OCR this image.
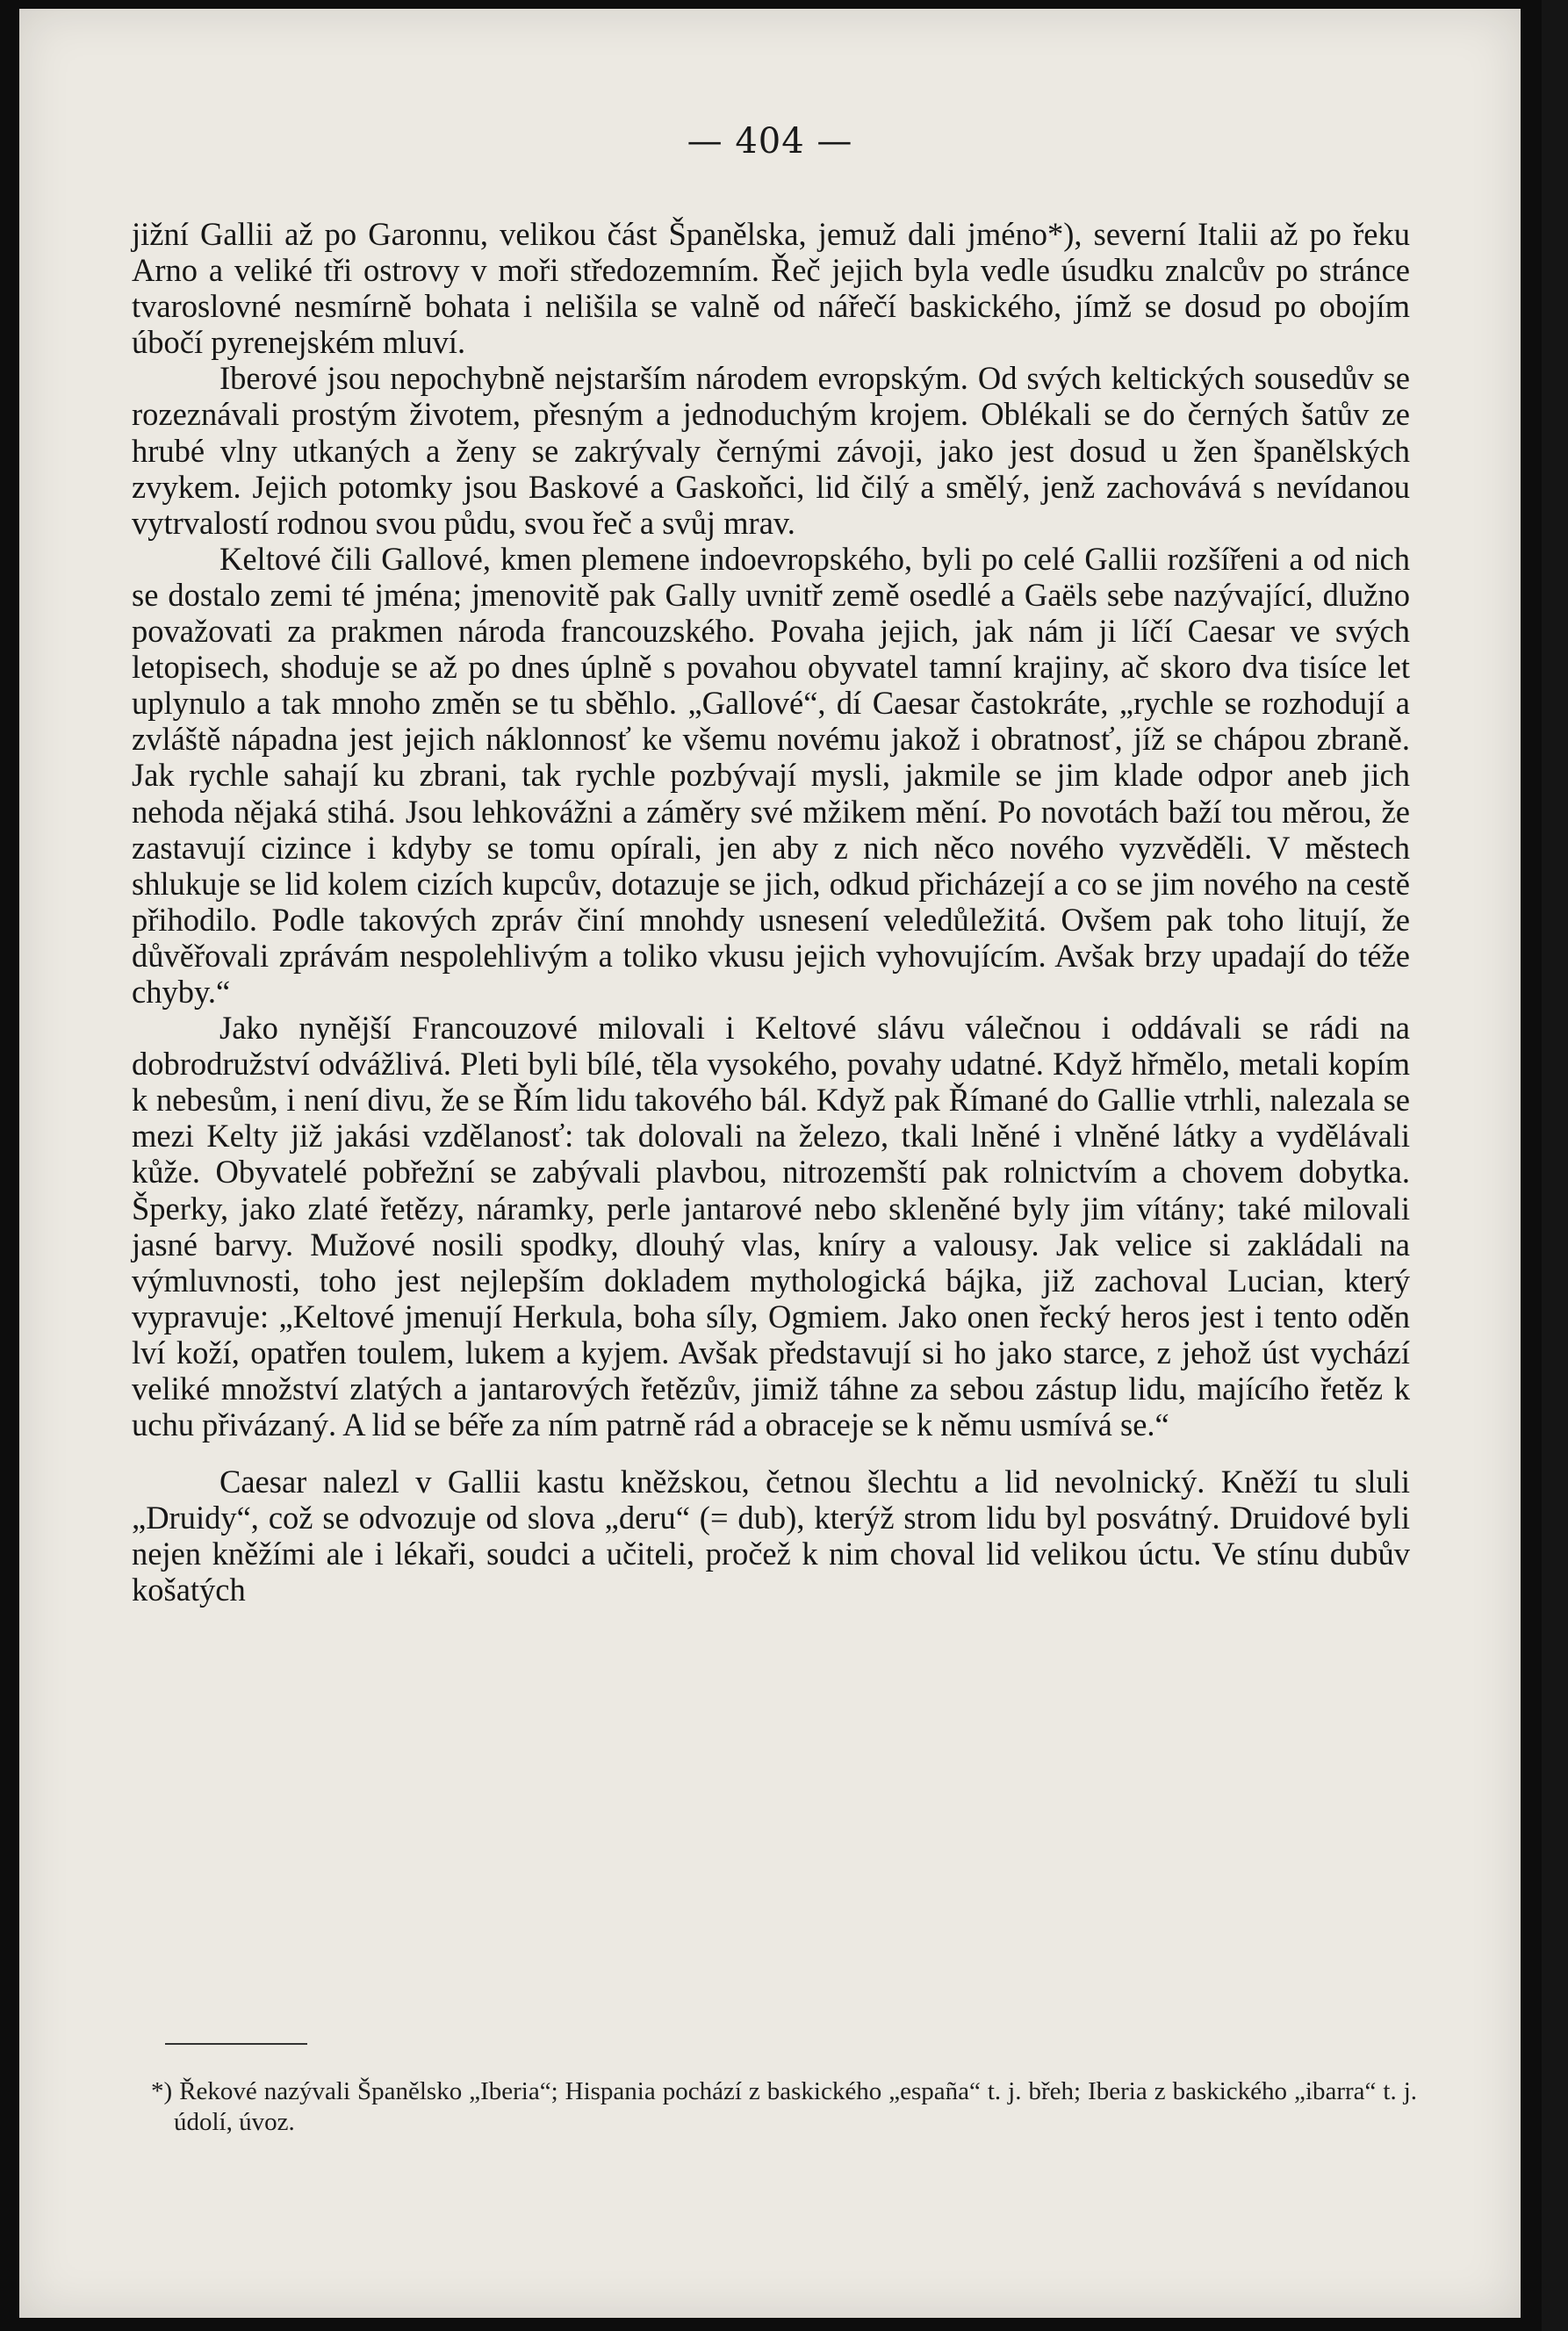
— 404 —

jižní Gallii až po Garonnu, velikou část Španělska, jemuž dali jméno*), severní Italii až po řeku Arno a veliké tři ostrovy v moři středozemním. Řeč jejich byla vedle úsudku znalcův po stránce tvaroslovné nesmírně bohata i nelišila se valně od nářečí baskického, jímž se dosud po obojím úbočí pyrenejském mluví.

Iberové jsou nepochybně nejstarším národem evropským. Od svých keltických sousedův se rozeznávali prostým životem, přesným a jednoduchým krojem. Oblékali se do černých šatův ze hrubé vlny utkaných a ženy se zakrývaly černými závoji, jako jest dosud u žen španělských zvykem. Jejich potomky jsou Baskové a Gaskoňci, lid čilý a smělý, jenž zachovává s nevídanou vytrvalostí rodnou svou půdu, svou řeč a svůj mrav.

Keltové čili Gallové, kmen plemene indoevropského, byli po celé Gallii rozšířeni a od nich se dostalo zemi té jména; jmenovitě pak Gally uvnitř země osedlé a Gaëls sebe nazývající, dlužno považovati za prakmen národa francouzského. Povaha jejich, jak nám ji líčí Caesar ve svých letopisech, shoduje se až po dnes úplně s povahou obyvatel tamní krajiny, ač skoro dva tisíce let uplynulo a tak mnoho změn se tu sběhlo. „Gallové“, dí Caesar častokráte, „rychle se rozhodují a zvláště nápadna jest jejich náklonnosť ke všemu novému jakož i obratnosť, jíž se chápou zbraně. Jak rychle sahají ku zbrani, tak rychle pozbývají mysli, jakmile se jim klade odpor aneb jich nehoda nějaká stihá. Jsou lehkovážni a záměry své mžikem mění. Po novotách baží tou měrou, že zastavují cizince i kdyby se tomu opírali, jen aby z nich něco nového vyzvěděli. V městech shlukuje se lid kolem cizích kupcův, dotazuje se jich, odkud přicházejí a co se jim nového na cestě přihodilo. Podle takových zpráv činí mnohdy usnesení veledůležitá. Ovšem pak toho litují, že důvěřovali zprávám nespolehlivým a toliko vkusu jejich vyhovujícím. Avšak brzy upadají do téže chyby.“

Jako nynější Francouzové milovali i Keltové slávu válečnou i oddávali se rádi na dobrodružství odvážlivá. Pleti byli bílé, těla vysokého, povahy udatné. Když hřmělo, metali kopím k nebesům, i není divu, že se Řím lidu takového bál. Když pak Římané do Gallie vtrhli, nalezala se mezi Kelty již jakási vzdělanosť: tak dolovali na železo, tkali lněné i vlněné látky a vydělávali kůže. Obyvatelé pobřežní se zabývali plavbou, nitrozemští pak rolnictvím a chovem dobytka. Šperky, jako zlaté řetězy, náramky, perle jantarové nebo skleněné byly jim vítány; také milovali jasné barvy. Mužové nosili spodky, dlouhý vlas, kníry a valousy. Jak velice si zakládali na výmluvnosti, toho jest nejlepším dokladem mythologická bájka, již zachoval Lucian, který vypravuje: „Keltové jmenují Herkula, boha síly, Ogmiem. Jako onen řecký heros jest i tento oděn lví koží, opatřen toulem, lukem a kyjem. Avšak představují si ho jako starce, z jehož úst vychází veliké množství zlatých a jantarových řetězův, jimiž táhne za sebou zástup lidu, majícího řetěz k uchu přivázaný. A lid se béře za ním patrně rád a obraceje se k němu usmívá se.“

Caesar nalezl v Gallii kastu kněžskou, četnou šlechtu a lid nevolnický. Kněží tu sluli „Druidy“, což se odvozuje od slova „deru“ (= dub), kterýž strom lidu byl posvátný. Druidové byli nejen kněžími ale i lékaři, soudci a učiteli, pročež k nim choval lid velikou úctu. Ve stínu dubův košatých

*) Řekové nazývali Španělsko „Iberia“; Hispania pochází z baskického „españa“ t. j. břeh; Iberia z baskického „ibarra“ t. j. údolí, úvoz.
